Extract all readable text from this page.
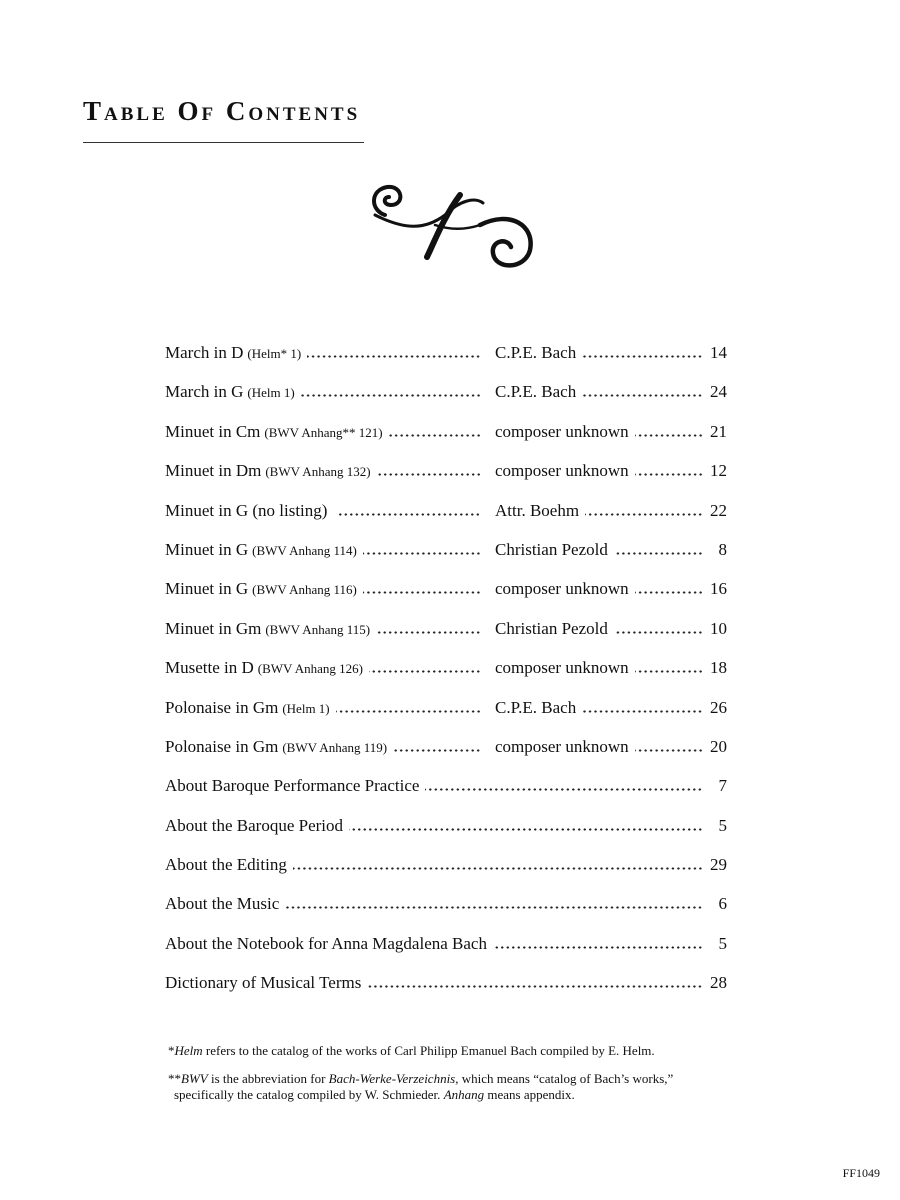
Table Of Contents
March in D (Helm* 1)	C.P.E. Bach	14
March in G (Helm 1)	C.P.E. Bach	24
Minuet in Cm (BWV Anhang** 121)	composer unknown	21
Minuet in Dm (BWV Anhang 132)	composer unknown	12
Minuet in G (no listing)	Attr. Boehm	22
Minuet in G (BWV Anhang 114)	Christian Pezold	8
Minuet in G (BWV Anhang 116)	composer unknown	16
Minuet in Gm (BWV Anhang 115)	Christian Pezold	10
Musette in D (BWV Anhang 126)	composer unknown	18
Polonaise in Gm (Helm 1)	C.P.E. Bach	26
Polonaise in Gm (BWV Anhang 119)	composer unknown	20
About Baroque Performance Practice	7
About the Baroque Period	5
About the Editing	29
About the Music	6
About the Notebook for Anna Magdalena Bach	5
Dictionary of Musical Terms	28

*Helm refers to the catalog of the works of Carl Philipp Emanuel Bach compiled by E. Helm.

**BWV is the abbreviation for Bach-Werke-Verzeichnis, which means “catalog of Bach’s works,”
specifically the catalog compiled by W. Schmieder. Anhang means appendix.

FF1049
